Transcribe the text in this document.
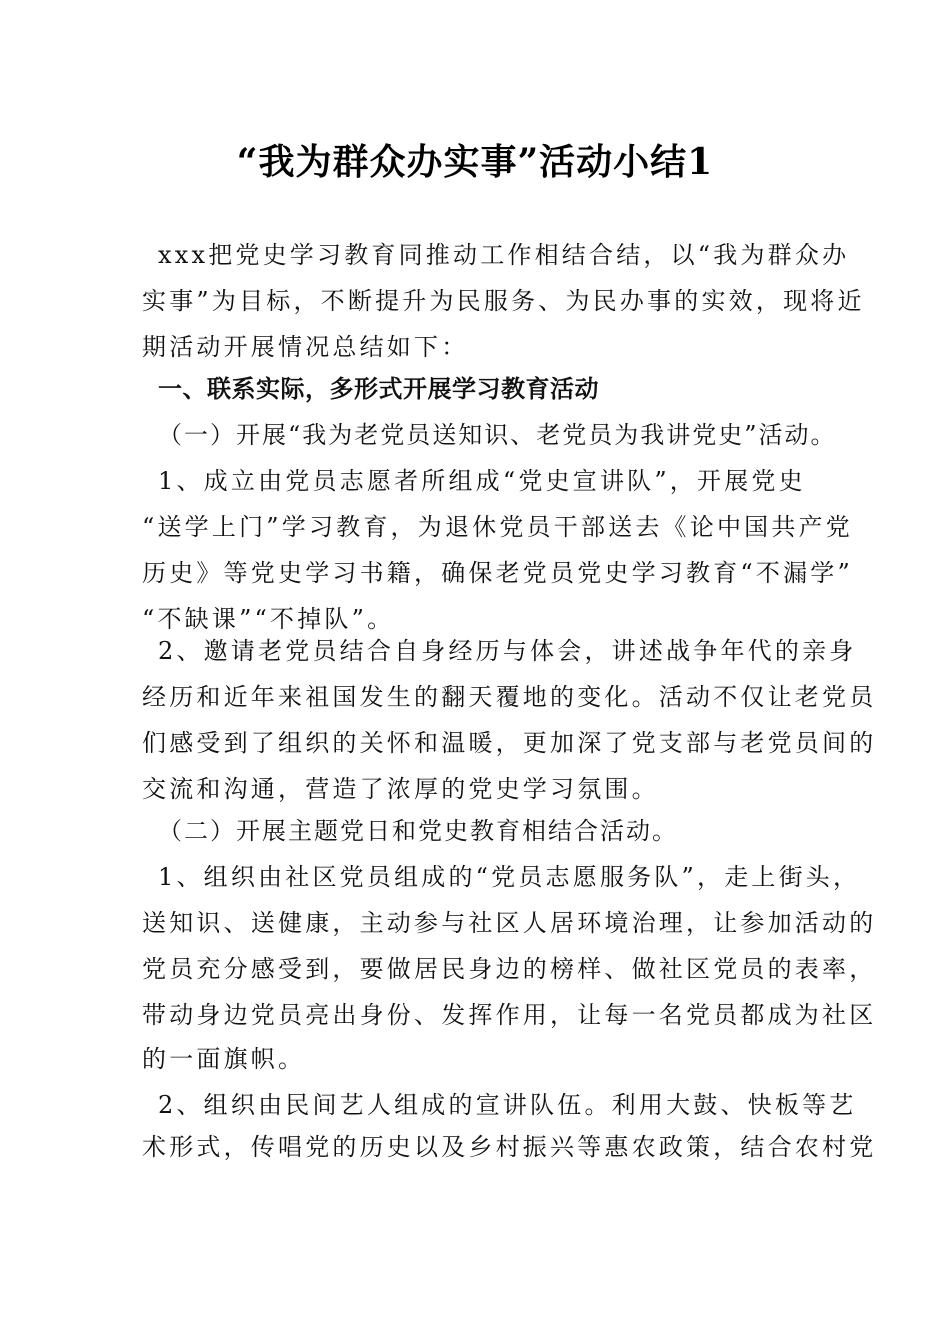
“我为群众办实事”活动小结1
xxx把党史学习教育同推动工作相结合结，以“我为群众办
实事”为目标，不断提升为民服务、为民办事的实效，现将近
期活动开展情况总结如下：
一、联系实际，多形式开展学习教育活动
（一）开展“我为老党员送知识、老党员为我讲党史”活动。
1、成立由党员志愿者所组成“党史宣讲队”，开展党史
“送学上门”学习教育，为退休党员干部送去《论中国共产党
历史》等党史学习书籍，确保老党员党史学习教育“不漏学”
“不缺课”“不掉队”。
2、邀请老党员结合自身经历与体会，讲述战争年代的亲身
经历和近年来祖国发生的翻天覆地的变化。活动不仅让老党员
们感受到了组织的关怀和温暖，更加深了党支部与老党员间的
交流和沟通，营造了浓厚的党史学习氛围。
（二）开展主题党日和党史教育相结合活动。
1、组织由社区党员组成的“党员志愿服务队”，走上街头，
送知识、送健康，主动参与社区人居环境治理，让参加活动的
党员充分感受到，要做居民身边的榜样、做社区党员的表率，
带动身边党员亮出身份、发挥作用，让每一名党员都成为社区
的一面旗帜。
2、组织由民间艺人组成的宣讲队伍。利用大鼓、快板等艺
术形式，传唱党的历史以及乡村振兴等惠农政策，结合农村党
